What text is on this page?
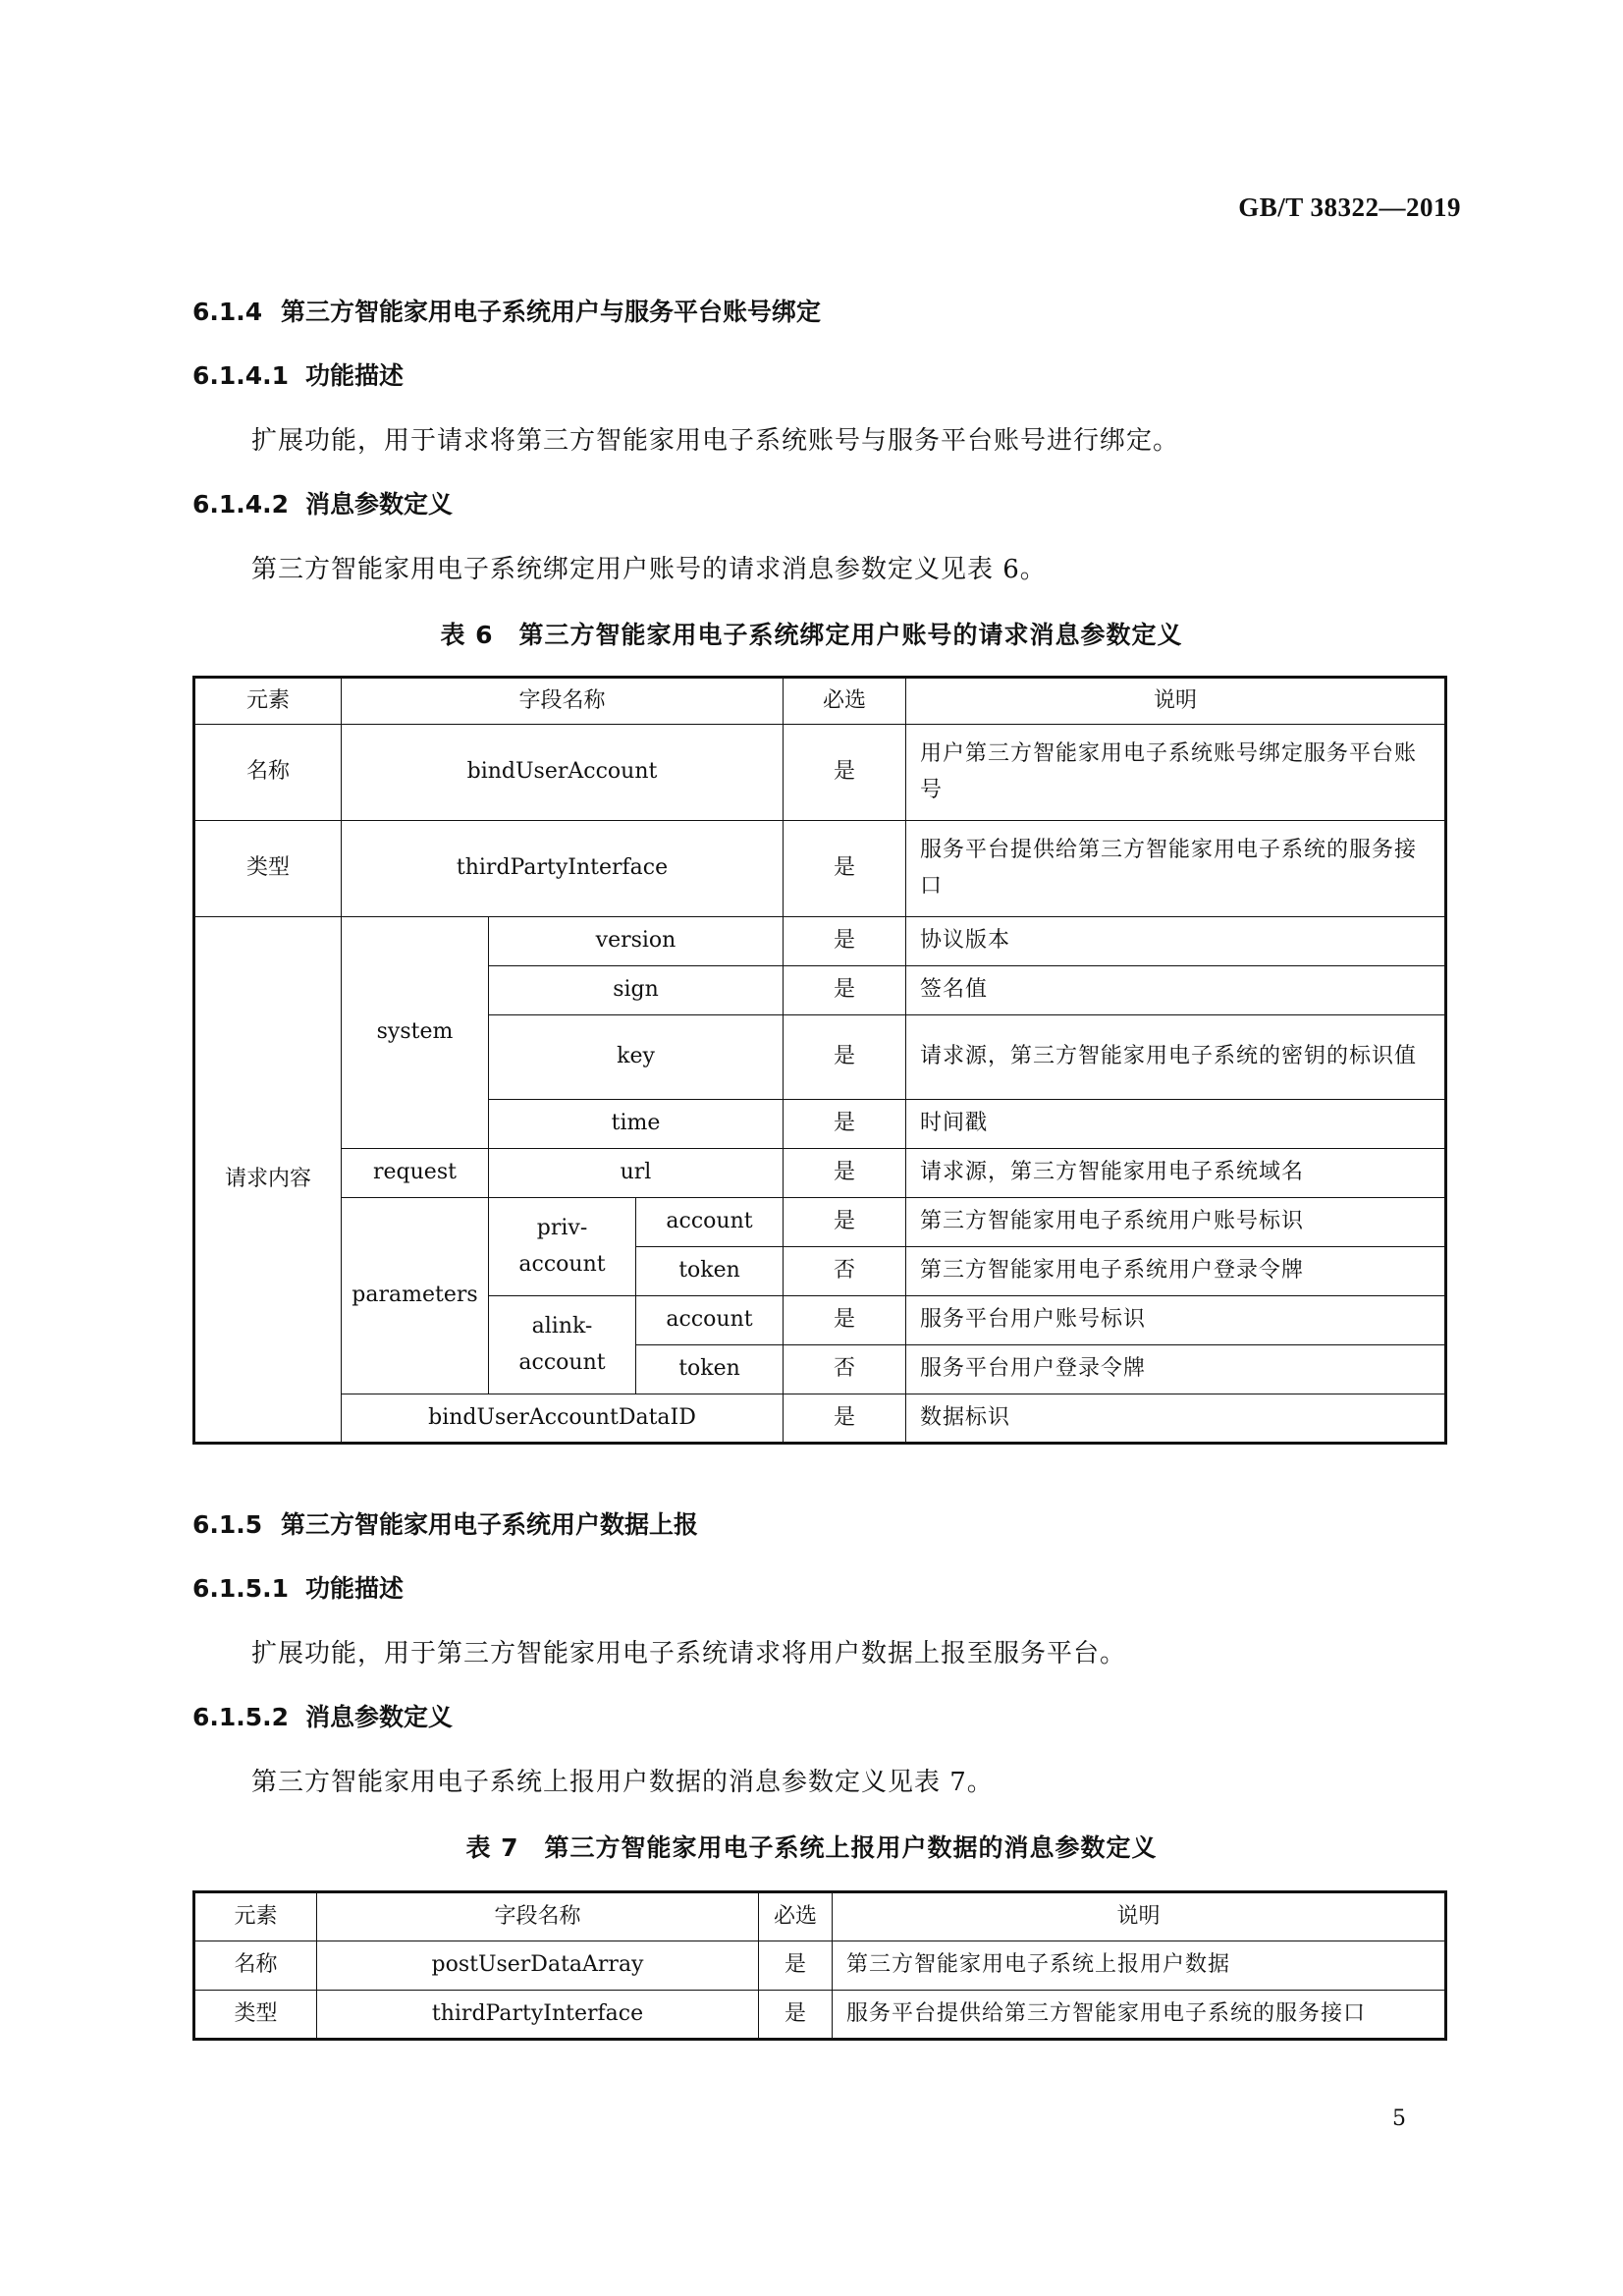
GB/T 38322—2019
6.1.4 第三方智能家用电子系统用户与服务平台账号绑定
6.1.4.1 功能描述
扩展功能，用于请求将第三方智能家用电子系统账号与服务平台账号进行绑定。
6.1.4.2 消息参数定义
第三方智能家用电子系统绑定用户账号的请求消息参数定义见表 6。
表 6　第三方智能家用电子系统绑定用户账号的请求消息参数定义
元素	字段名称			必选	说明
名称	bindUserAccount			是	用户第三方智能家用电子系统账号绑定服务平台账号
类型	thirdPartyInterface			是	服务平台提供给第三方智能家用电子系统的服务接口
请求内容	system	version		是	协议版本
		sign		是	签名值
		key		是	请求源，第三方智能家用电子系统的密钥的标识值
		time		是	时间戳
	request	url		是	请求源，第三方智能家用电子系统域名
	parameters	priv-account	account	是	第三方智能家用电子系统用户账号标识
			token	否	第三方智能家用电子系统用户登录令牌
		alink-account	account	是	服务平台用户账号标识
			token	否	服务平台用户登录令牌
	bindUserAccountDataID			是	数据标识
6.1.5 第三方智能家用电子系统用户数据上报
6.1.5.1 功能描述
扩展功能，用于第三方智能家用电子系统请求将用户数据上报至服务平台。
6.1.5.2 消息参数定义
第三方智能家用电子系统上报用户数据的消息参数定义见表 7。
表 7　第三方智能家用电子系统上报用户数据的消息参数定义
元素	字段名称	必选	说明
名称	postUserDataArray	是	第三方智能家用电子系统上报用户数据
类型	thirdPartyInterface	是	服务平台提供给第三方智能家用电子系统的服务接口
5
